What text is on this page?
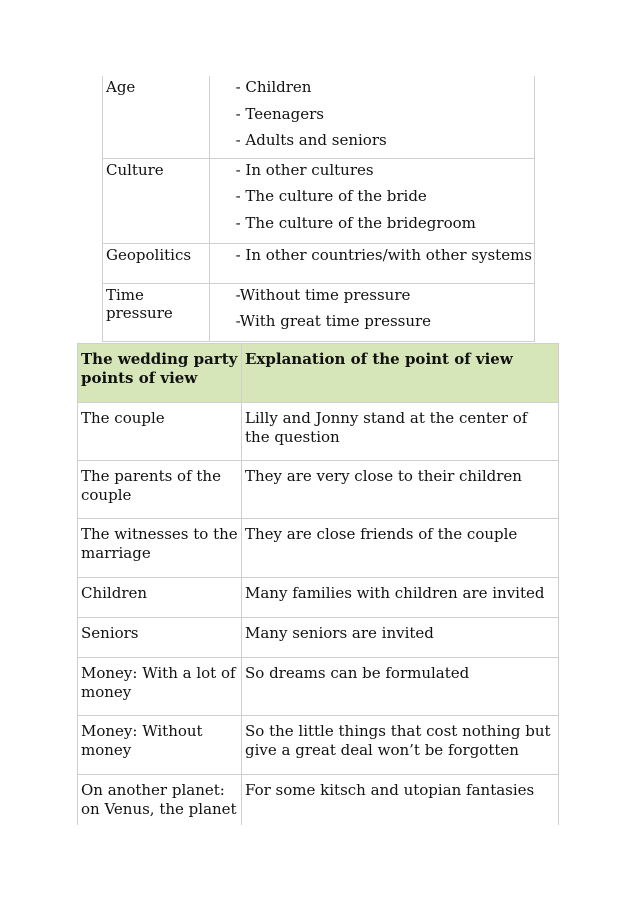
Age	- Children
- Teenagers
- Adults and seniors

Culture	- In other cultures
- The culture of the bride
- The culture of the bridegroom

Geopolitics	- In other countries/with other systems

Time pressure	-Without time pressure
-With great time pressure
The wedding party points of view	Explanation of the point of view
The couple	Lilly and Jonny stand at the center of the question
The parents of the couple	They are very close to their children
The witnesses to the marriage	They are close friends of the couple
Children	Many families with children are invited
Seniors	Many seniors are invited
Money: With a lot of money	So dreams can be formulated
Money: Without money	So the little things that cost nothing but give a great deal won’t be forgotten
On another planet: on Venus, the planet	For some kitsch and utopian fantasies
